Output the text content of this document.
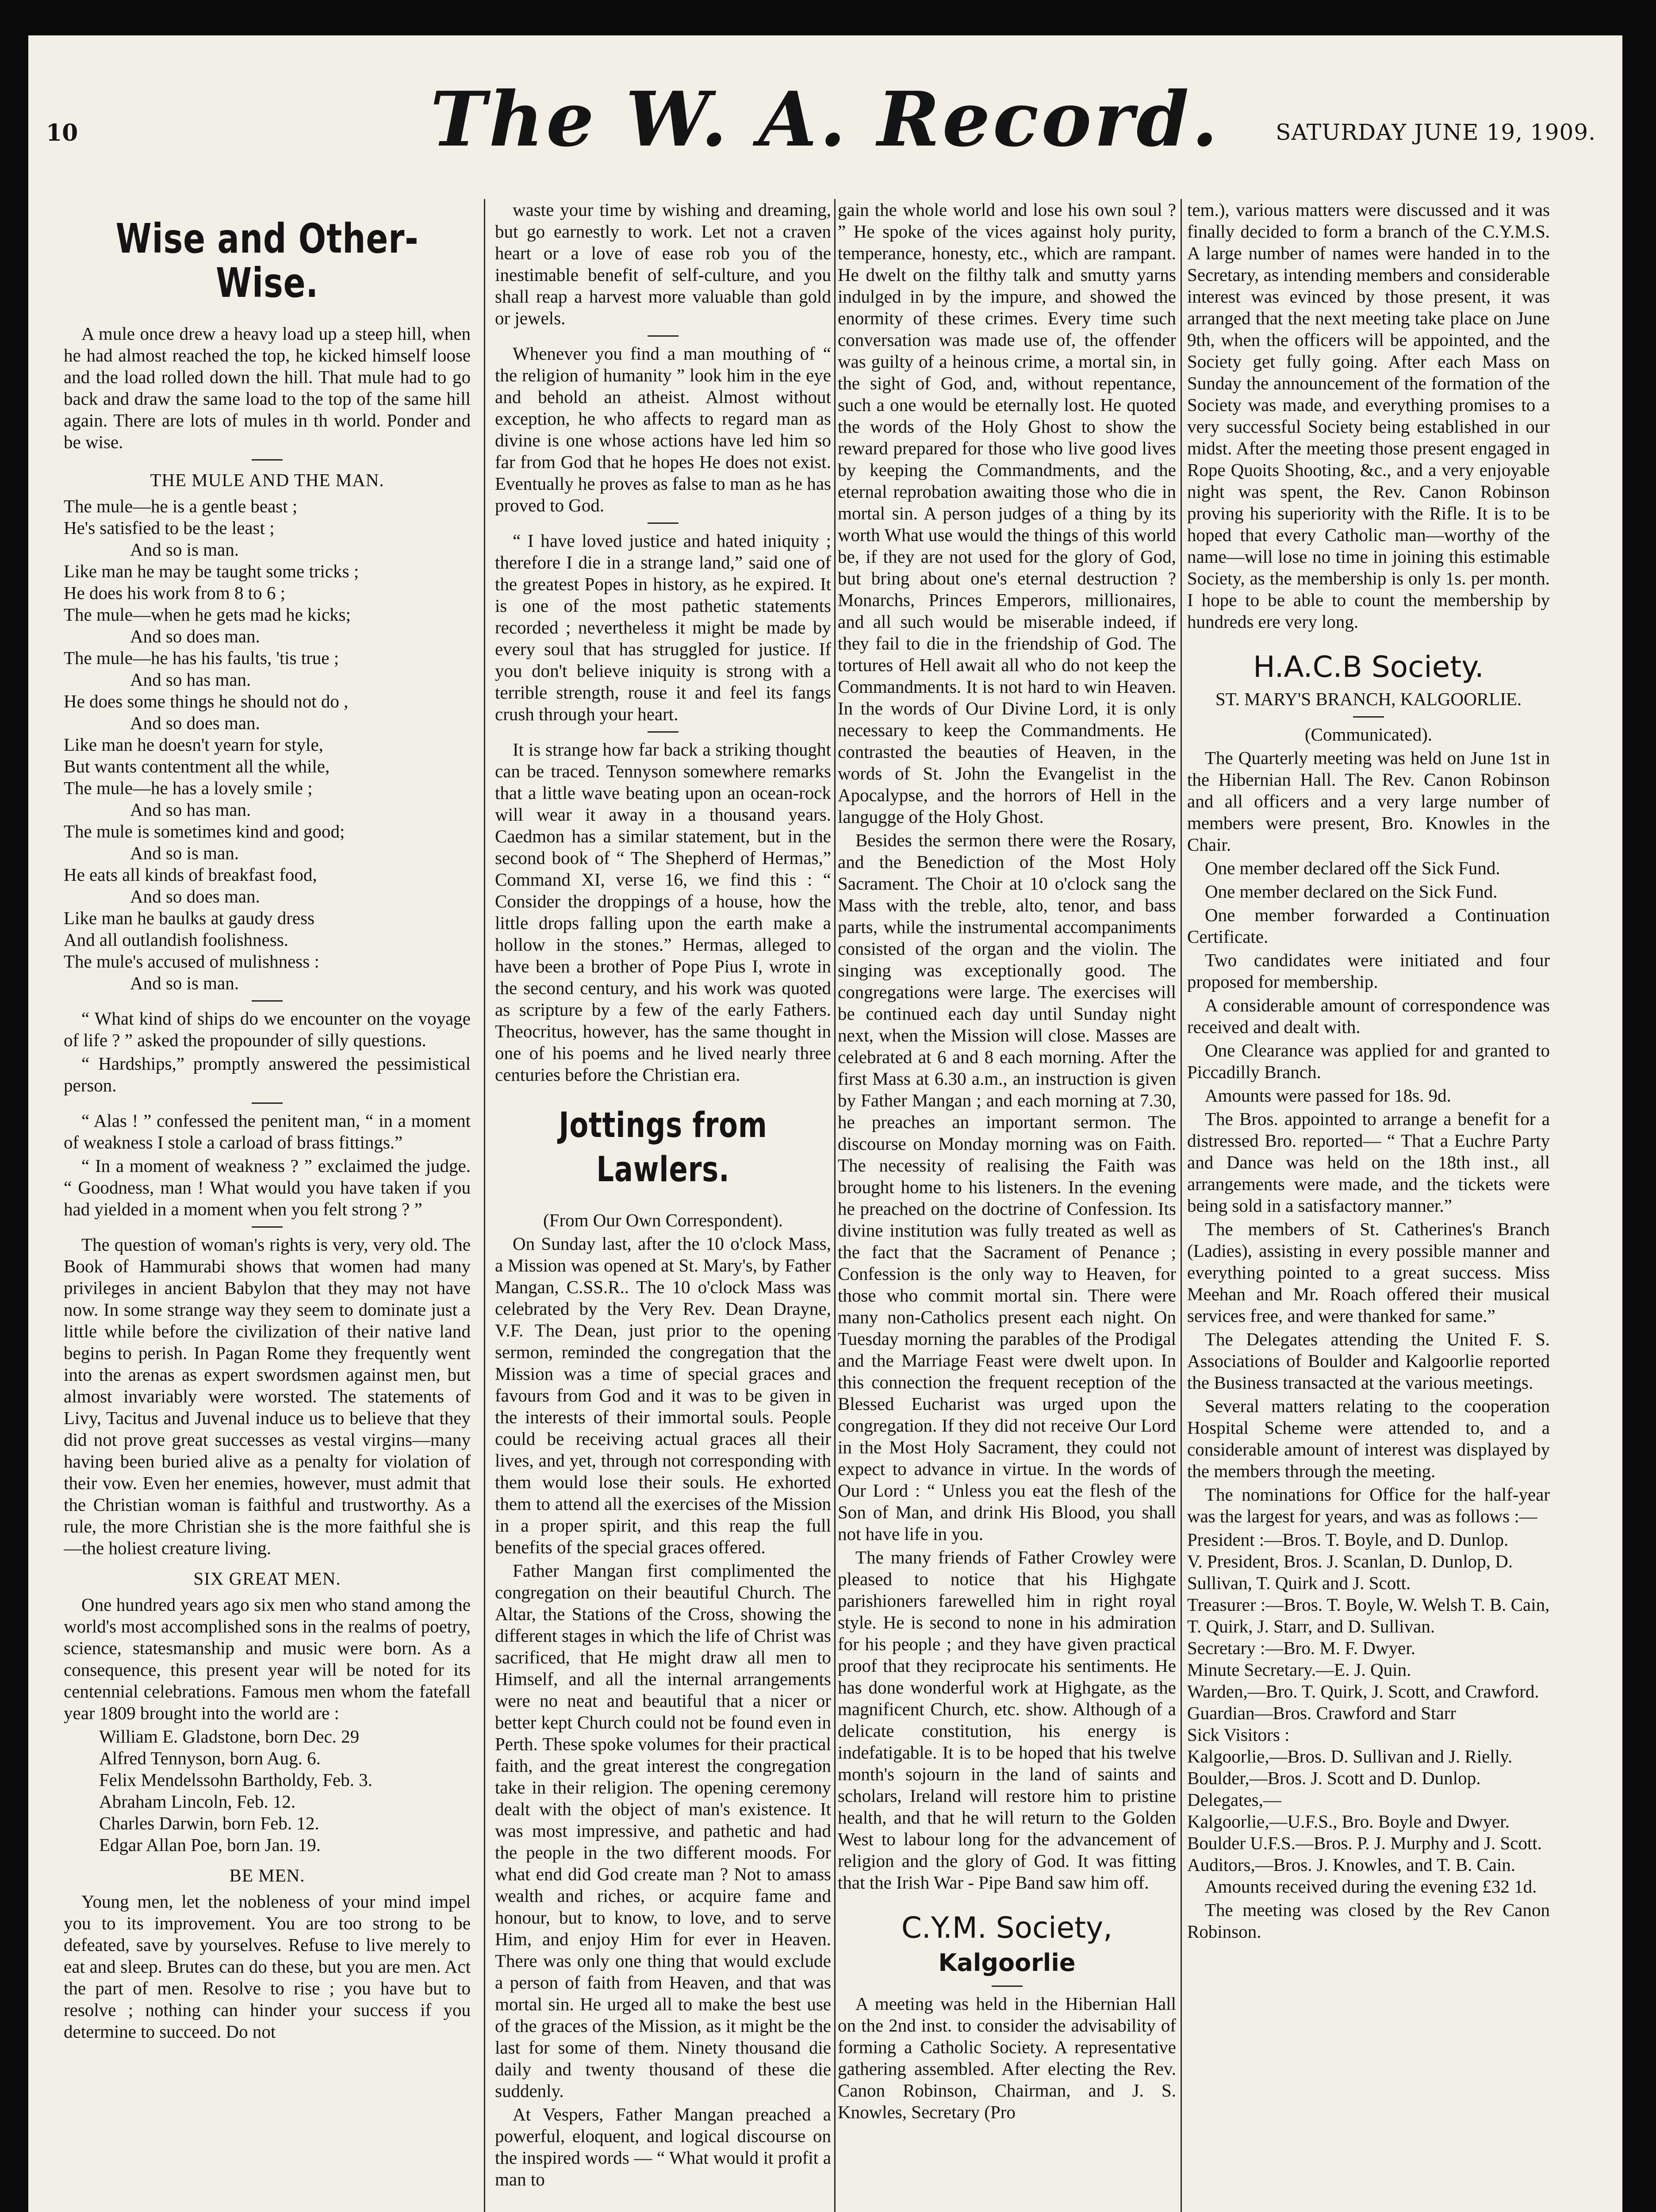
10	The W. A. Record.	SATURDAY JUNE 19, 1909.
Wise and Other-Wise.

A mule once drew a heavy load up a steep hill, when he had almost reached the top, he kicked himself loose and the load rolled down the hill. That mule had to go back and draw the same load to the top of the same hill again. There are lots of mules in th world. Ponder and be wise.

THE MULE AND THE MAN.
The mule—he is a gentle beast ;
He's satisfied to be the least ;
And so is man.
Like man he may be taught some tricks ;
He does his work from 8 to 6 ;
The mule—when he gets mad he kicks;
And so does man.
The mule—he has his faults, 'tis true ;
And so has man.
He does some things he should not do ,
And so does man.
Like man he doesn't yearn for style,
But wants contentment all the while,
The mule—he has a lovely smile ;
And so has man.
The mule is sometimes kind and good;
And so is man.
He eats all kinds of breakfast food,
And so does man.
Like man he baulks at gaudy dress
And all outlandish foolishness.
The mule's accused of mulishness :
And so is man.

“ What kind of ships do we encounter on the voyage of life ? ” asked the propounder of silly questions.

“ Hardships,” promptly answered the pessimistical person.

“ Alas ! ” confessed the penitent man, “ in a moment of weakness I stole a carload of brass fittings.”

“ In a moment of weakness ? ” exclaimed the judge. “ Goodness, man ! What would you have taken if you had yielded in a moment when you felt strong ? ”

The question of woman's rights is very, very old. The Book of Hammurabi shows that women had many privileges in ancient Babylon that they may not have now. In some strange way they seem to dominate just a little while before the civilization of their native land begins to perish. In Pagan Rome they frequently went into the arenas as expert swordsmen against men, but almost invariably were worsted. The statements of Livy, Tacitus and Juvenal induce us to believe that they did not prove great successes as vestal virgins—many having been buried alive as a penalty for violation of their vow. Even her enemies, however, must admit that the Christian woman is faithful and trustworthy. As a rule, the more Christian she is the more faithful she is—the holiest creature living.

SIX GREAT MEN.

One hundred years ago six men who stand among the world's most accomplished sons in the realms of poetry, science, statesmanship and music were born. As a consequence, this present year will be noted for its centennial celebrations. Famous men whom the fatefall year 1809 brought into the world are :

William E. Gladstone, born Dec. 29
Alfred Tennyson, born Aug. 6.
Felix Mendelssohn Bartholdy, Feb. 3.
Abraham Lincoln, Feb. 12.
Charles Darwin, born Feb. 12.
Edgar Allan Poe, born Jan. 19.
BE MEN.

Young men, let the nobleness of your mind impel you to its improvement. You are too strong to be defeated, save by yourselves. Refuse to live merely to eat and sleep. Brutes can do these, but you are men. Act the part of men. Resolve to rise ; you have but to resolve ; nothing can hinder your success if you determine to succeed. Do not

waste your time by wishing and dreaming, but go earnestly to work. Let not a craven heart or a love of ease rob you of the inestimable benefit of self-culture, and you shall reap a harvest more valuable than gold or jewels.

Whenever you find a man mouthing of “ the religion of humanity ” look him in the eye and behold an atheist. Almost without exception, he who affects to regard man as divine is one whose actions have led him so far from God that he hopes He does not exist. Eventually he proves as false to man as he has proved to God.

“ I have loved justice and hated iniquity ; therefore I die in a strange land,” said one of the greatest Popes in history, as he expired. It is one of the most pathetic statements recorded ; nevertheless it might be made by every soul that has struggled for justice. If you don't believe iniquity is strong with a terrible strength, rouse it and feel its fangs crush through your heart.

It is strange how far back a striking thought can be traced. Tennyson somewhere remarks that a little wave beating upon an ocean-rock will wear it away in a thousand years. Caedmon has a similar statement, but in the second book of “ The Shepherd of Hermas,” Command XI, verse 16, we find this : “ Consider the droppings of a house, how the little drops falling upon the earth make a hollow in the stones.” Hermas, alleged to have been a brother of Pope Pius I, wrote in the second century, and his work was quoted as scripture by a few of the early Fathers. Theocritus, however, has the same thought in one of his poems and he lived nearly three centuries before the Christian era.

Jottings from Lawlers.

(From Our Own Correspondent).

On Sunday last, after the 10 o'clock Mass, a Mission was opened at St. Mary's, by Father Mangan, C.SS.R.. The 10 o'clock Mass was celebrated by the Very Rev. Dean Drayne, V.F. The Dean, just prior to the opening sermon, reminded the congregation that the Mission was a time of special graces and favours from God and it was to be given in the interests of their immortal souls. People could be receiving actual graces all their lives, and yet, through not corresponding with them would lose their souls. He exhorted them to attend all the exercises of the Mission in a proper spirit, and this reap the full benefits of the special graces offered.

Father Mangan first complimented the congregation on their beautiful Church. The Altar, the Stations of the Cross, showing the different stages in which the life of Christ was sacrificed, that He might draw all men to Himself, and all the internal arrangements were no neat and beautiful that a nicer or better kept Church could not be found even in Perth. These spoke volumes for their practical faith, and the great interest the congregation take in their religion. The opening ceremony dealt with the object of man's existence. It was most impressive, and pathetic and had the people in the two different moods. For what end did God create man ? Not to amass wealth and riches, or acquire fame and honour, but to know, to love, and to serve Him, and enjoy Him for ever in Heaven. There was only one thing that would exclude a person of faith from Heaven, and that was mortal sin. He urged all to make the best use of the graces of the Mission, as it might be the last for some of them. Ninety thousand die daily and twenty thousand of these die suddenly.

At Vespers, Father Mangan preached a powerful, eloquent, and logical discourse on the inspired words — “ What would it profit a man to

gain the whole world and lose his own soul ? ” He spoke of the vices against holy purity, temperance, honesty, etc., which are rampant. He dwelt on the filthy talk and smutty yarns indulged in by the impure, and showed the enormity of these crimes. Every time such conversation was made use of, the offender was guilty of a heinous crime, a mortal sin, in the sight of God, and, without repentance, such a one would be eternally lost. He quoted the words of the Holy Ghost to show the reward prepared for those who live good lives by keeping the Commandments, and the eternal reprobation awaiting those who die in mortal sin. A person judges of a thing by its worth What use would the things of this world be, if they are not used for the glory of God, but bring about one's eternal destruction ? Monarchs, Princes Emperors, millionaires, and all such would be miserable indeed, if they fail to die in the friendship of God. The tortures of Hell await all who do not keep the Commandments. It is not hard to win Heaven. In the words of Our Divine Lord, it is only necessary to keep the Commandments. He contrasted the beauties of Heaven, in the words of St. John the Evangelist in the Apocalypse, and the horrors of Hell in the langugge of the Holy Ghost.

Besides the sermon there were the Rosary, and the Benediction of the Most Holy Sacrament. The Choir at 10 o'clock sang the Mass with the treble, alto, tenor, and bass parts, while the instrumental accompaniments consisted of the organ and the violin. The singing was exceptionally good. The congregations were large. The exercises will be continued each day until Sunday night next, when the Mission will close. Masses are celebrated at 6 and 8 each morning. After the first Mass at 6.30 a.m., an instruction is given by Father Mangan ; and each morning at 7.30, he preaches an important sermon. The discourse on Monday morning was on Faith. The necessity of realising the Faith was brought home to his listeners. In the evening he preached on the doctrine of Confession. Its divine institution was fully treated as well as the fact that the Sacrament of Penance ; Confession is the only way to Heaven, for those who commit mortal sin. There were many non-Catholics present each night. On Tuesday morning the parables of the Prodigal and the Marriage Feast were dwelt upon. In this connection the frequent reception of the Blessed Eucharist was urged upon the congregation. If they did not receive Our Lord in the Most Holy Sacrament, they could not expect to advance in virtue. In the words of Our Lord : “ Unless you eat the flesh of the Son of Man, and drink His Blood, you shall not have life in you.

The many friends of Father Crowley were pleased to notice that his Highgate parishioners farewelled him in right royal style. He is second to none in his admiration for his people ; and they have given practical proof that they reciprocate his sentiments. He has done wonderful work at Highgate, as the magnificent Church, etc. show. Although of a delicate constitution, his energy is indefatigable. It is to be hoped that his twelve month's sojourn in the land of saints and scholars, Ireland will restore him to pristine health, and that he will return to the Golden West to labour long for the advancement of religion and the glory of God. It was fitting that the Irish War - Pipe Band saw him off.

C.Y.M. Society,
Kalgoorlie

A meeting was held in the Hibernian Hall on the 2nd inst. to consider the advisability of forming a Catholic Society. A representative gathering assembled. After electing the Rev. Canon Robinson, Chairman, and J. S. Knowles, Secretary (Pro

tem.), various matters were discussed and it was finally decided to form a branch of the C.Y.M.S. A large number of names were handed in to the Secretary, as intending members and considerable interest was evinced by those present, it was arranged that the next meeting take place on June 9th, when the officers will be appointed, and the Society get fully going. After each Mass on Sunday the announcement of the formation of the Society was made, and everything promises to a very successful Society being established in our midst. After the meeting those present engaged in Rope Quoits Shooting, &c., and a very enjoyable night was spent, the Rev. Canon Robinson proving his superiority with the Rifle. It is to be hoped that every Catholic man—worthy of the name—will lose no time in joining this estimable Society, as the membership is only 1s. per month. I hope to be able to count the membership by hundreds ere very long.

H.A.C.B Society.

ST. MARY'S BRANCH, KALGOORLIE.

(Communicated).

The Quarterly meeting was held on June 1st in the Hibernian Hall. The Rev. Canon Robinson and all officers and a very large number of members were present, Bro. Knowles in the Chair.

One member declared off the Sick Fund.

One member declared on the Sick Fund.

One member forwarded a Continuation Certificate.

Two candidates were initiated and four proposed for membership.

A considerable amount of correspondence was received and dealt with.

One Clearance was applied for and granted to Piccadilly Branch.

Amounts were passed for 18s. 9d.

The Bros. appointed to arrange a benefit for a distressed Bro. reported— “ That a Euchre Party and Dance was held on the 18th inst., all arrangements were made, and the tickets were being sold in a satisfactory manner.”

The members of St. Catherines's Branch (Ladies), assisting in every possible manner and everything pointed to a great success. Miss Meehan and Mr. Roach offered their musical services free, and were thanked for same.”

The Delegates attending the United F. S. Associations of Boulder and Kalgoorlie reported the Business transacted at the various meetings.

Several matters relating to the cooperation Hospital Scheme were attended to, and a considerable amount of interest was displayed by the members through the meeting.

The nominations for Office for the half-year was the largest for years, and was as follows :—

President :—Bros. T. Boyle, and D. Dunlop.
V. President, Bros. J. Scanlan, D. Dunlop, D. Sullivan, T. Quirk and J. Scott.
Treasurer :—Bros. T. Boyle, W. Welsh T. B. Cain, T. Quirk, J. Starr, and D. Sullivan.
Secretary :—Bro. M. F. Dwyer.
Minute Secretary.—E. J. Quin.
Warden,—Bro. T. Quirk, J. Scott, and Crawford.
Guardian—Bros. Crawford and Starr
Sick Visitors :
Kalgoorlie,—Bros. D. Sullivan and J. Rielly.
Boulder,—Bros. J. Scott and D. Dunlop.
Delegates,—
Kalgoorlie,—U.F.S., Bro. Boyle and Dwyer.
Boulder U.F.S.—Bros. P. J. Murphy and J. Scott.
Auditors,—Bros. J. Knowles, and T. B. Cain.

Amounts received during the evening £32 1d.

The meeting was closed by the Rev Canon Robinson.
